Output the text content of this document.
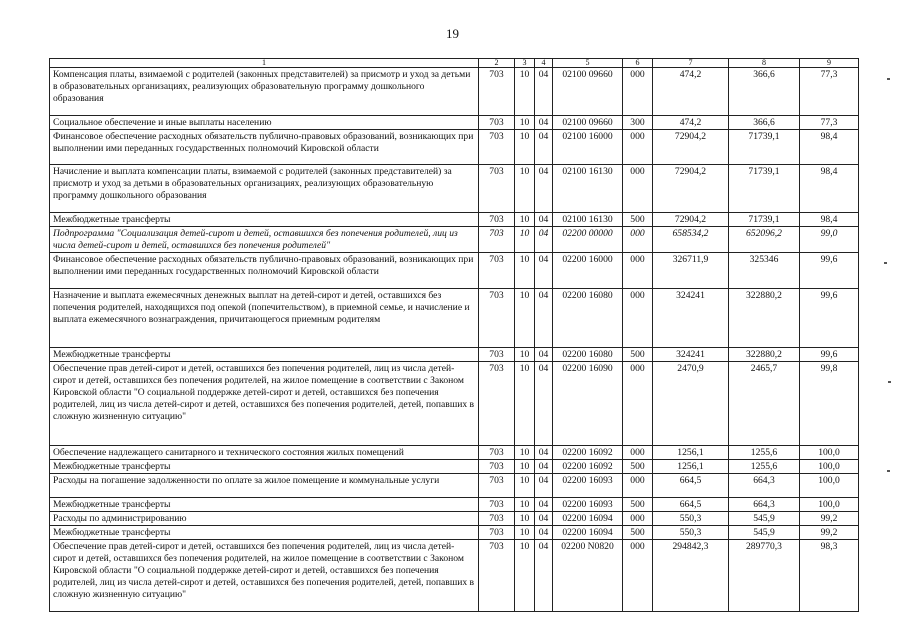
19
1	2	3	4	5	6	7	8	9
Компенсация платы, взимаемой с родителей (законных представителей) за присмотр и уход за детьми в образовательных организациях, реализующих образовательную программу дошкольного образования	703	10	04	02100 09660	000	474,2	366,6	77,3
Социальное обеспечение и иные выплаты населению	703	10	04	02100 09660	300	474,2	366,6	77,3
Финансовое обеспечение расходных обязательств публично-правовых образований, возникающих при выполнении ими переданных государственных полномочий Кировской области	703	10	04	02100 16000	000	72904,2	71739,1	98,4
Начисление и выплата компенсации платы, взимаемой с родителей (законных представителей) за присмотр и уход за детьми в образовательных организациях, реализующих образовательную программу дошкольного образования	703	10	04	02100 16130	000	72904,2	71739,1	98,4
Межбюджетные трансферты	703	10	04	02100 16130	500	72904,2	71739,1	98,4
Подпрограмма "Социализация детей-сирот и детей, оставшихся без попечения родителей, лиц из числа детей-сирот и детей, оставшихся без попечения родителей"	703	10	04	02200 00000	000	658534,2	652096,2	99,0
Финансовое обеспечение расходных обязательств публично-правовых образований, возникающих при выполнении ими переданных государственных полномочий Кировской области	703	10	04	02200 16000	000	326711,9	325346	99,6
Назначение и выплата ежемесячных денежных выплат на детей-сирот и детей, оставшихся без попечения родителей, находящихся под опекой (попечительством), в приемной семье, и начисление и выплата ежемесячного вознаграждения, причитающегося приемным родителям	703	10	04	02200 16080	000	324241	322880,2	99,6
Межбюджетные трансферты	703	10	04	02200 16080	500	324241	322880,2	99,6
Обеспечение прав детей-сирот и детей, оставшихся без попечения родителей, лиц из числа детей-сирот и детей, оставшихся без попечения родителей, на жилое помещение в соответствии с Законом Кировской области "О социальной поддержке детей-сирот и детей, оставшихся без попечения родителей, лиц из числа детей-сирот и детей, оставшихся без попечения родителей, детей, попавших в сложную жизненную ситуацию"	703	10	04	02200 16090	000	2470,9	2465,7	99,8
Обеспечение надлежащего санитарного и технического состояния жилых помещений	703	10	04	02200 16092	000	1256,1	1255,6	100,0
Межбюджетные трансферты	703	10	04	02200 16092	500	1256,1	1255,6	100,0
Расходы на погашение задолженности по оплате за жилое помещение и коммунальные услуги	703	10	04	02200 16093	000	664,5	664,3	100,0
Межбюджетные трансферты	703	10	04	02200 16093	500	664,5	664,3	100,0
Расходы по администрированию	703	10	04	02200 16094	000	550,3	545,9	99,2
Межбюджетные трансферты	703	10	04	02200 16094	500	550,3	545,9	99,2
Обеспечение прав детей-сирот и детей, оставшихся без попечения родителей, лиц из числа детей-сирот и детей, оставшихся без попечения родителей, на жилое помещение в соответствии с Законом Кировской области "О социальной поддержке детей-сирот и детей, оставшихся без попечения родителей, лиц из числа детей-сирот и детей, оставшихся без попечения родителей, детей, попавших в сложную жизненную ситуацию"	703	10	04	02200 N0820	000	294842,3	289770,3	98,3
